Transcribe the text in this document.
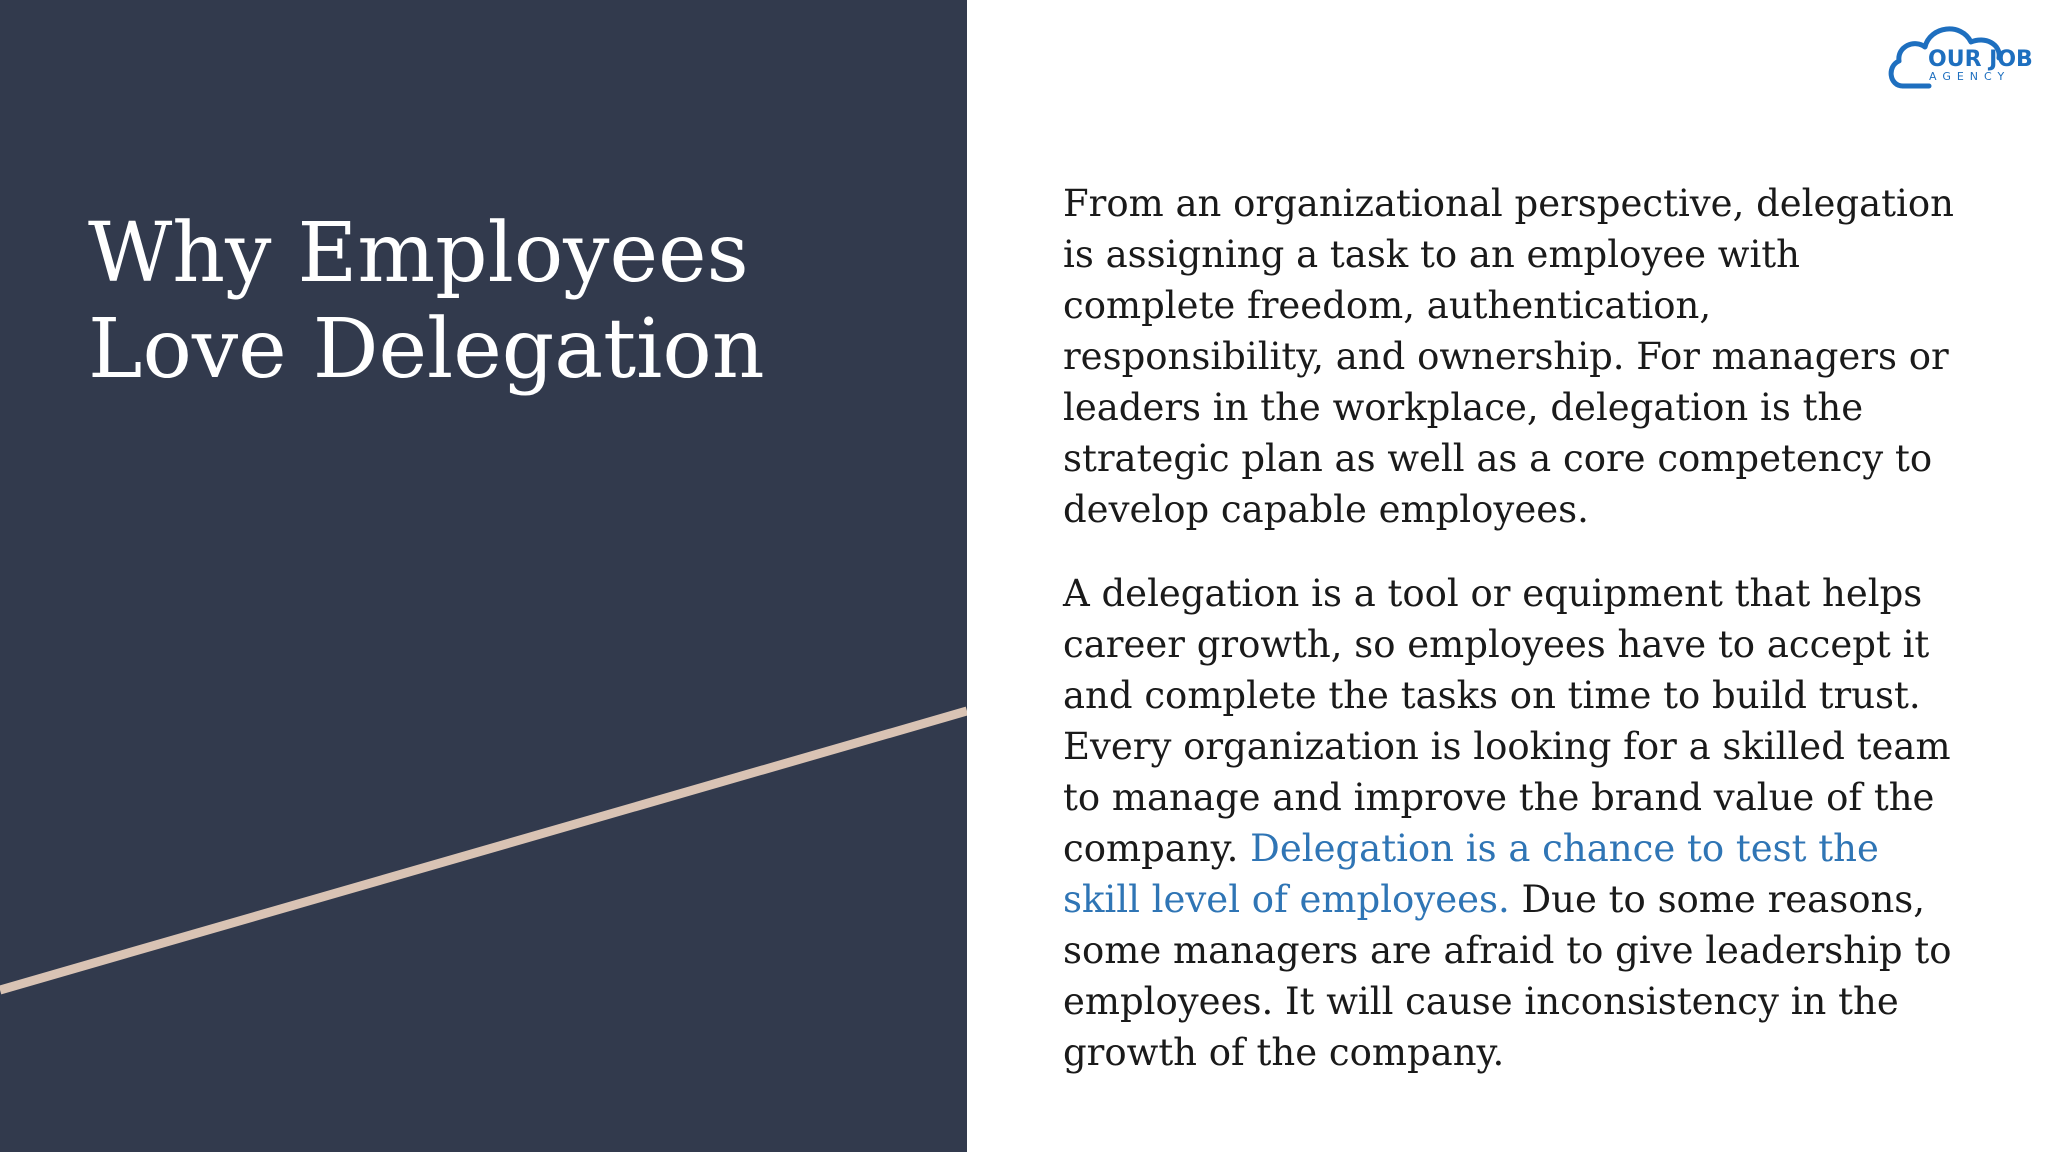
Why Employees
Love Delegation

From an organizational perspective, delegation is assigning a task to an employee with complete freedom, authentication, responsibility, and ownership. For managers or leaders in the workplace, delegation is the strategic plan as well as a core competency to develop capable employees.

A delegation is a tool or equipment that helps career growth, so employees have to accept it and complete the tasks on time to build trust. Every organization is looking for a skilled team to manage and improve the brand value of the company. Delegation is a chance to test the skill level of employees. Due to some reasons, some managers are afraid to give leadership to employees. It will cause inconsistency in the growth of the company.

OUR JOB
AGENCY
